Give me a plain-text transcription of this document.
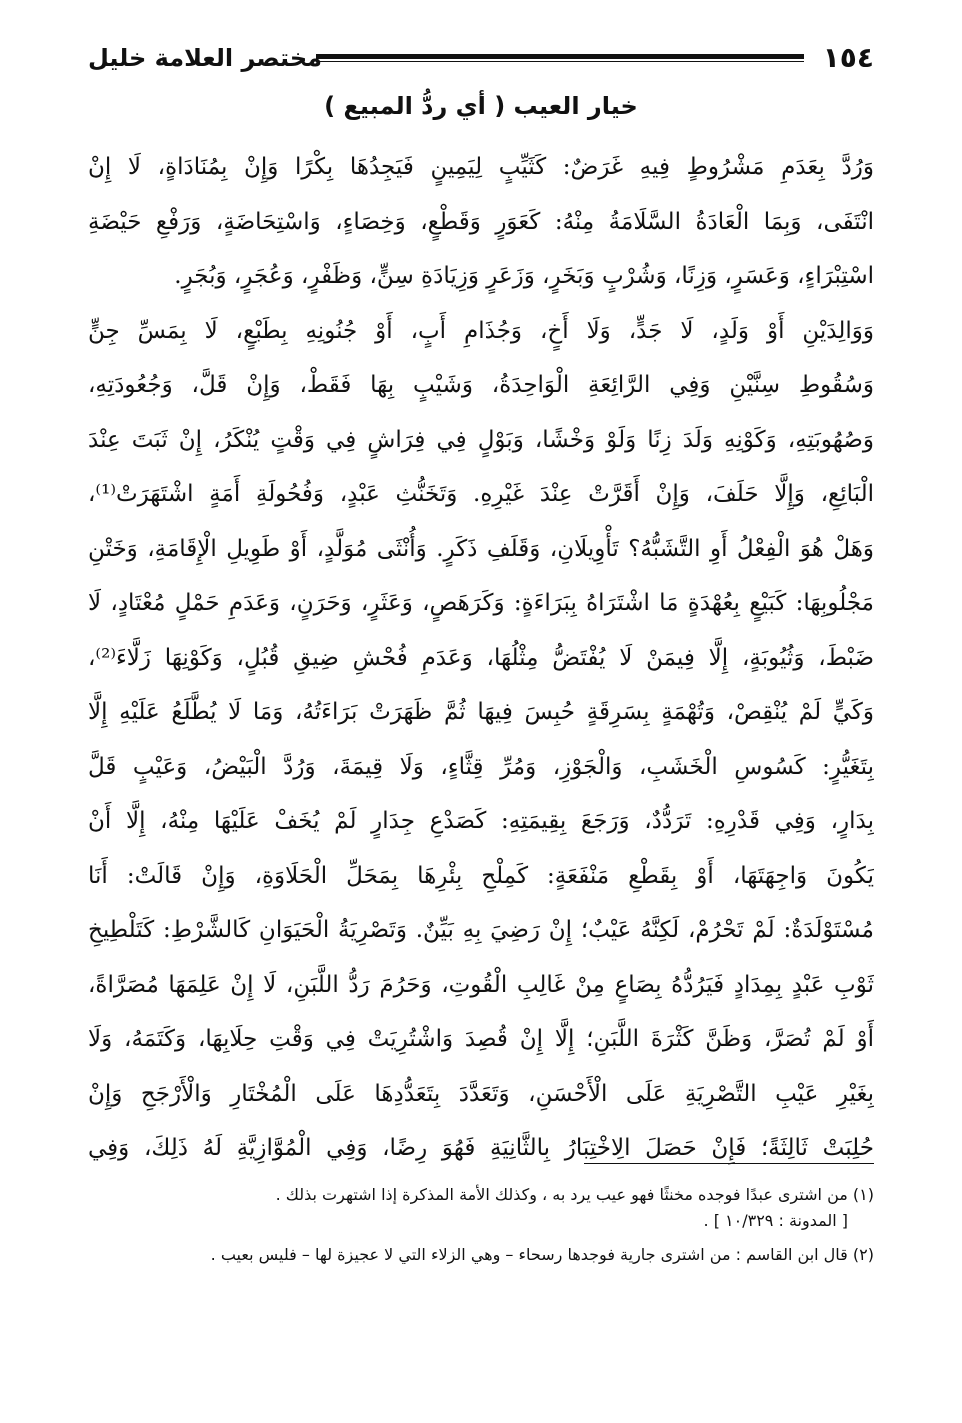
١٥٤
مختصر العلامة خليل
خيار العيب ( أي ردُّ المبيع )
وَرُدَّ بِعَدَمِ مَشْرُوطٍ فِيهِ غَرَضٌ: كَثَيِّبٍ لِيَمِينٍ فَيَجِدُهَا بِكْرًا وَإِنْ بِمُنَادَاةٍ، لَا إِنْ
انْتَفَى، وَبِمَا الْعَادَةُ السَّلَامَةُ مِنْهُ: كَعَوَرٍ وَقَطْعٍ، وَخِصَاءٍ، وَاسْتِحَاضَةٍ، وَرَفْعِ حَيْضَةِ
اسْتِبْرَاءٍ، وَعَسَرٍ، وَزِنًا، وَشُرْبٍ وَبَخَرٍ، وَزَعَرٍ وَزِيَادَةِ سِنٍّ، وَظَفْرٍ، وَعُجَرٍ، وَبُجَرٍ.
وَوَالِدَيْنِ أَوْ وَلَدٍ، لَا جَدٍّ، وَلَا أَخٍ، وَجُذَامِ أَبٍ، أَوْ جُنُونِهِ بِطَبْعٍ، لَا بِمَسِّ جِنٍّ
وَسُقُوطِ سِنَّيْنِ وَفِي الرَّائِعَةِ الْوَاحِدَةُ، وَشَيْبٍ بِهَا فَقَطْ، وَإِنْ قَلَّ، وَجُعُودَتِهِ،
وَصُهُوبَتِهِ، وَكَوْنِهِ وَلَدَ زِنًا وَلَوْ وَخْشًا، وَبَوْلٍ فِي فِرَاشٍ فِي وَقْتٍ يُنْكَرُ، إِنْ ثَبَتَ عِنْدَ
الْبَائِعِ، وَإِلَّا حَلَفَ، وَإِنْ أَقَرَّتْ عِنْدَ غَيْرِهِ. وَتَخَنُّثِ عَبْدٍ، وَفُحُولَةِ أَمَةٍ اشْتَهَرَتْ⁽¹⁾،
وَهَلْ هُوَ الْفِعْلُ أَوِ التَّشَبُّهُ؟ تَأْوِيلَانِ، وَقَلَفِ ذَكَرٍ. وَأُنْثَى مُوَلَّدٍ، أَوْ طَوِيلِ الْإِقَامَةِ، وَخَتْنِ
مَجْلُوبِهَا: كَبَيْعٍ بِعُهْدَةٍ مَا اشْتَرَاهُ بِبَرَاءَةٍ: وَكَرَهَصٍ، وَعَثَرٍ، وَحَرَنٍ، وَعَدَمِ حَمْلٍ مُعْتَادٍ، لَا
ضَبْطَ، وَثُيُوبَةٍ، إِلَّا فِيمَنْ لَا يُفْتَضُّ مِثْلُهَا، وَعَدَمِ فُحْشِ ضِيقِ قُبُلٍ، وَكَوْنِهَا زَلَّاءَ⁽²⁾،
وَكَيٍّ لَمْ يُنْقِصْ، وَتُهْمَةٍ بِسَرِقَةٍ حُبِسَ فِيهَا ثُمَّ ظَهَرَتْ بَرَاءَتُهُ، وَمَا لَا يُطَّلَعُ عَلَيْهِ إِلَّا
بِتَغَيُّرٍ: كَسُوسِ الْخَشَبِ، وَالْجَوْزِ، وَمُرِّ قِثَّاءٍ، وَلَا قِيمَةَ، وَرُدَّ الْبَيْضُ، وَعَيْبٍ قَلَّ
بِدَارٍ، وَفِي قَدْرِهِ: تَرَدُّدٌ، وَرَجَعَ بِقِيمَتِهِ: كَصَدْعِ جِدَارٍ لَمْ يُخَفْ عَلَيْهَا مِنْهُ، إِلَّا أَنْ
يَكُونَ وَاجِهَتَهَا، أَوْ بِقَطْعِ مَنْفَعَةٍ: كَمِلْحِ بِئْرِهَا بِمَحَلِّ الْحَلَاوَةِ، وَإِنْ قَالَتْ: أَنَا
مُسْتَوْلَدَةٌ: لَمْ تَحْرُمْ، لَكِنَّهُ عَيْبٌ؛ إِنْ رَضِيَ بِهِ بَيِّنٌ. وَتَصْرِيَةُ الْحَيَوَانِ كَالشَّرْطِ: كَتَلْطِيخِ
ثَوْبِ عَبْدٍ بِمِدَادٍ فَيَرُدُّهُ بِصَاعٍ مِنْ غَالِبِ الْقُوتِ، وَحَرُمَ رَدُّ اللَّبَنِ، لَا إِنْ عَلِمَهَا مُصَرَّاةً،
أَوْ لَمْ تُصَرَّ، وَظَنَّ كَثْرَةَ اللَّبَنِ؛ إِلَّا إِنْ قُصِدَ وَاشْتُرِيَتْ فِي وَقْتِ حِلَابِهَا، وَكَتَمَهُ، وَلَا
بِغَيْرِ عَيْبِ التَّصْرِيَةِ عَلَى الْأَحْسَنِ، وَتَعَدَّدَ بِتَعَدُّدِهَا عَلَى الْمُخْتَارِ وَالْأَرْجَحِ وَإِنْ
حُلِبَتْ ثَالِثَةً؛ فَإِنْ حَصَلَ الِاخْتِبَارُ بِالثَّانِيَةِ فَهُوَ رِضًا، وَفِي الْمُوَّازِيَّةِ لَهُ ذَلِكَ، وَفِي
(١) من اشترى عبدًا فوجده مخنثًا فهو عيب يرد به ، وكذلك الأمة المذكرة إذا اشتهرت بذلك .
[ المدونة : ١٠/٣٢٩ ] .
(٢) قال ابن القاسم : من اشترى جارية فوجدها رسحاء – وهي الزلاء التي لا عجيزة لها – فليس بعيب .
